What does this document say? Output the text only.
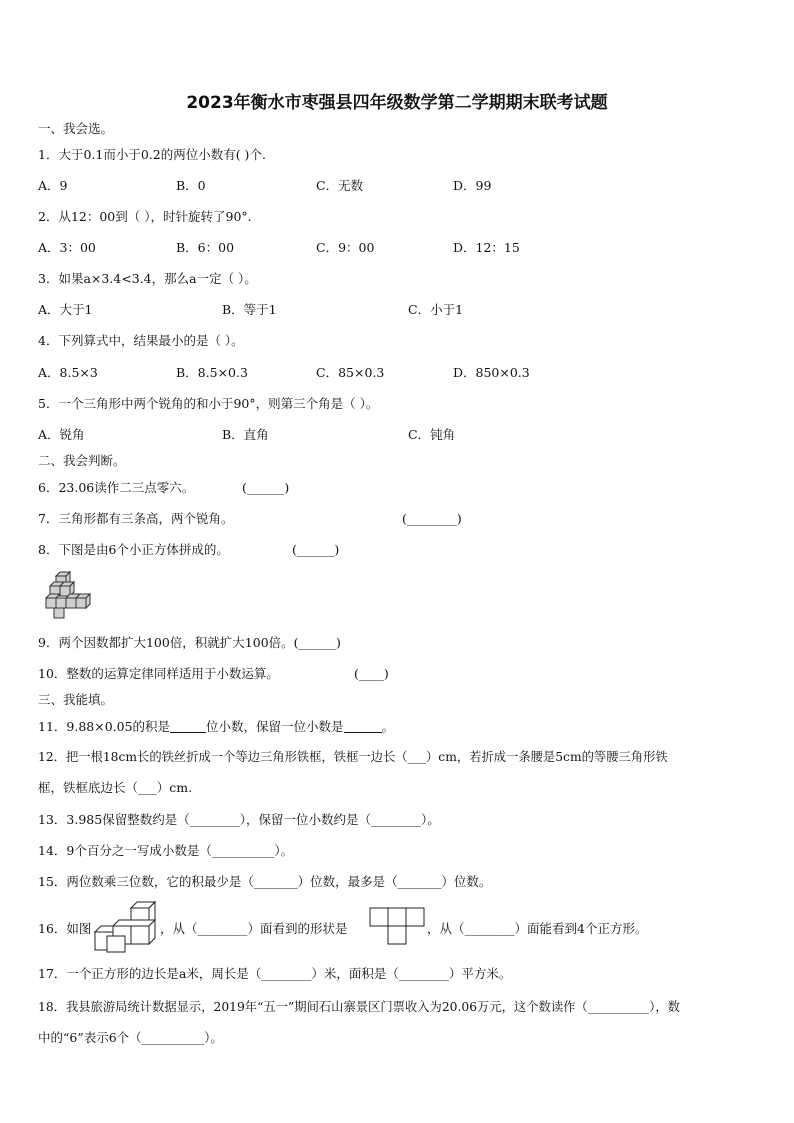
2023年衡水市枣强县四年级数学第二学期期末联考试题
一、我会选。
1．大于0.1而小于0.2的两位小数有( )个.
A．9	B．0	C．无数	D．99
2．从12：00到（ ），时针旋转了90°.
A．3：00	B．6：00	C．9：00	D．12：15
3．如果a×3.4<3.4，那么a一定（ ）。
A．大于1	B．等于1	C．小于1
4．下列算式中，结果最小的是（ ）。
A．8.5×3	B．8.5×0.3	C．85×0.3	D．850×0.3
5．一个三角形中两个锐角的和小于90°，则第三个角是（ ）。
A．锐角	B．直角	C．钝角
二、我会判断。
6．23.06读作二三点零六。	(______)
7．三角形都有三条高，两个锐角。	(________)
8．下图是由6个小正方体拼成的。	(______)
9．两个因数都扩大100倍，积就扩大100倍。(______)
10．整数的运算定律同样适用于小数运算。	(____)
三、我能填。
11．9.88×0.05的积是	位小数，保留一位小数是	。
12．把一根18cm长的铁丝折成一个等边三角形铁框，铁框一边长（___）cm，若折成一条腰是5cm的等腰三角形铁
框，铁框底边长（___）cm.
13．3.985保留整数约是（________），保留一位小数约是（________）。
14．9个百分之一写成小数是（__________）。
15．两位数乘三位数，它的积最少是（_______）位数，最多是（_______）位数。
16．如图	，从（________）面看到的形状是	，从（________）面能看到4个正方形。
17．一个正方形的边长是a米，周长是（________）米，面积是（________）平方米。
18．我县旅游局统计数据显示，2019年“五一”期间石山寨景区门票收入为20.06万元，这个数读作（__________），数
中的“6”表示6个（__________）。
